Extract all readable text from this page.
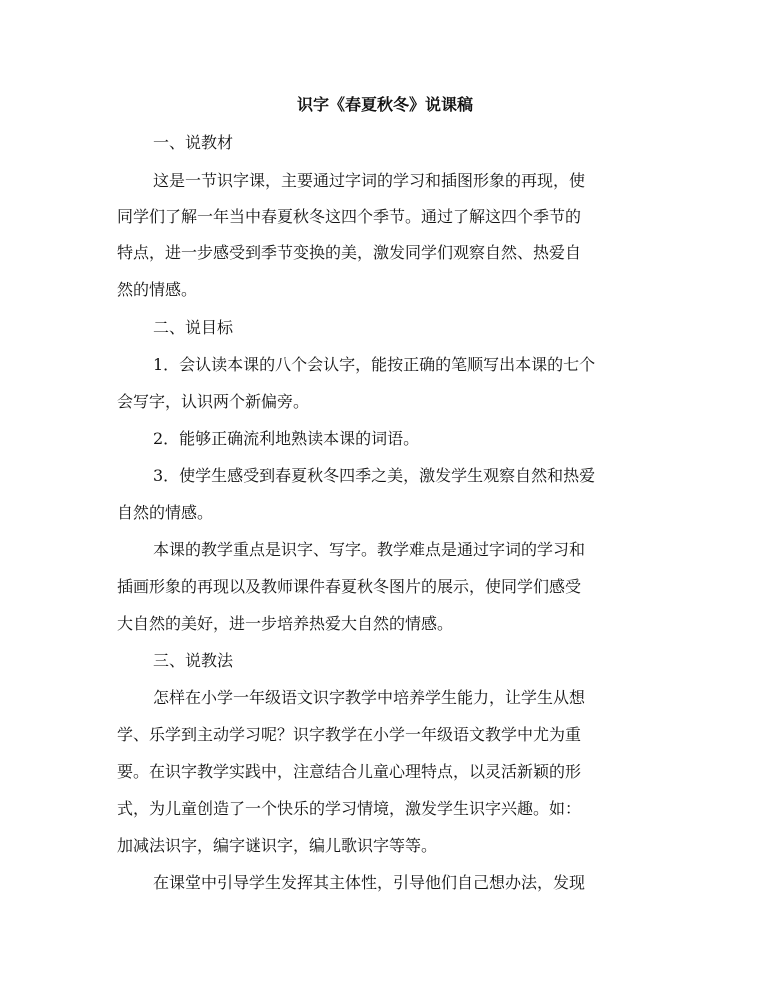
识字《春夏秋冬》说课稿
一、说教材
这是一节识字课，主要通过字词的学习和插图形象的再现，使
同学们了解一年当中春夏秋冬这四个季节。通过了解这四个季节的
特点，进一步感受到季节变换的美，激发同学们观察自然、热爱自
然的情感。
二、说目标
1．会认读本课的八个会认字，能按正确的笔顺写出本课的七个
会写字，认识两个新偏旁。
2．能够正确流利地熟读本课的词语。
3．使学生感受到春夏秋冬四季之美，激发学生观察自然和热爱
自然的情感。
本课的教学重点是识字、写字。教学难点是通过字词的学习和
插画形象的再现以及教师课件春夏秋冬图片的展示，使同学们感受
大自然的美好，进一步培养热爱大自然的情感。
三、说教法
怎样在小学一年级语文识字教学中培养学生能力，让学生从想
学、乐学到主动学习呢？识字教学在小学一年级语文教学中尤为重
要。在识字教学实践中，注意结合儿童心理特点，以灵活新颖的形
式，为儿童创造了一个快乐的学习情境，激发学生识字兴趣。如：
加减法识字，编字谜识字，编儿歌识字等等。
在课堂中引导学生发挥其主体性，引导他们自己想办法，发现
